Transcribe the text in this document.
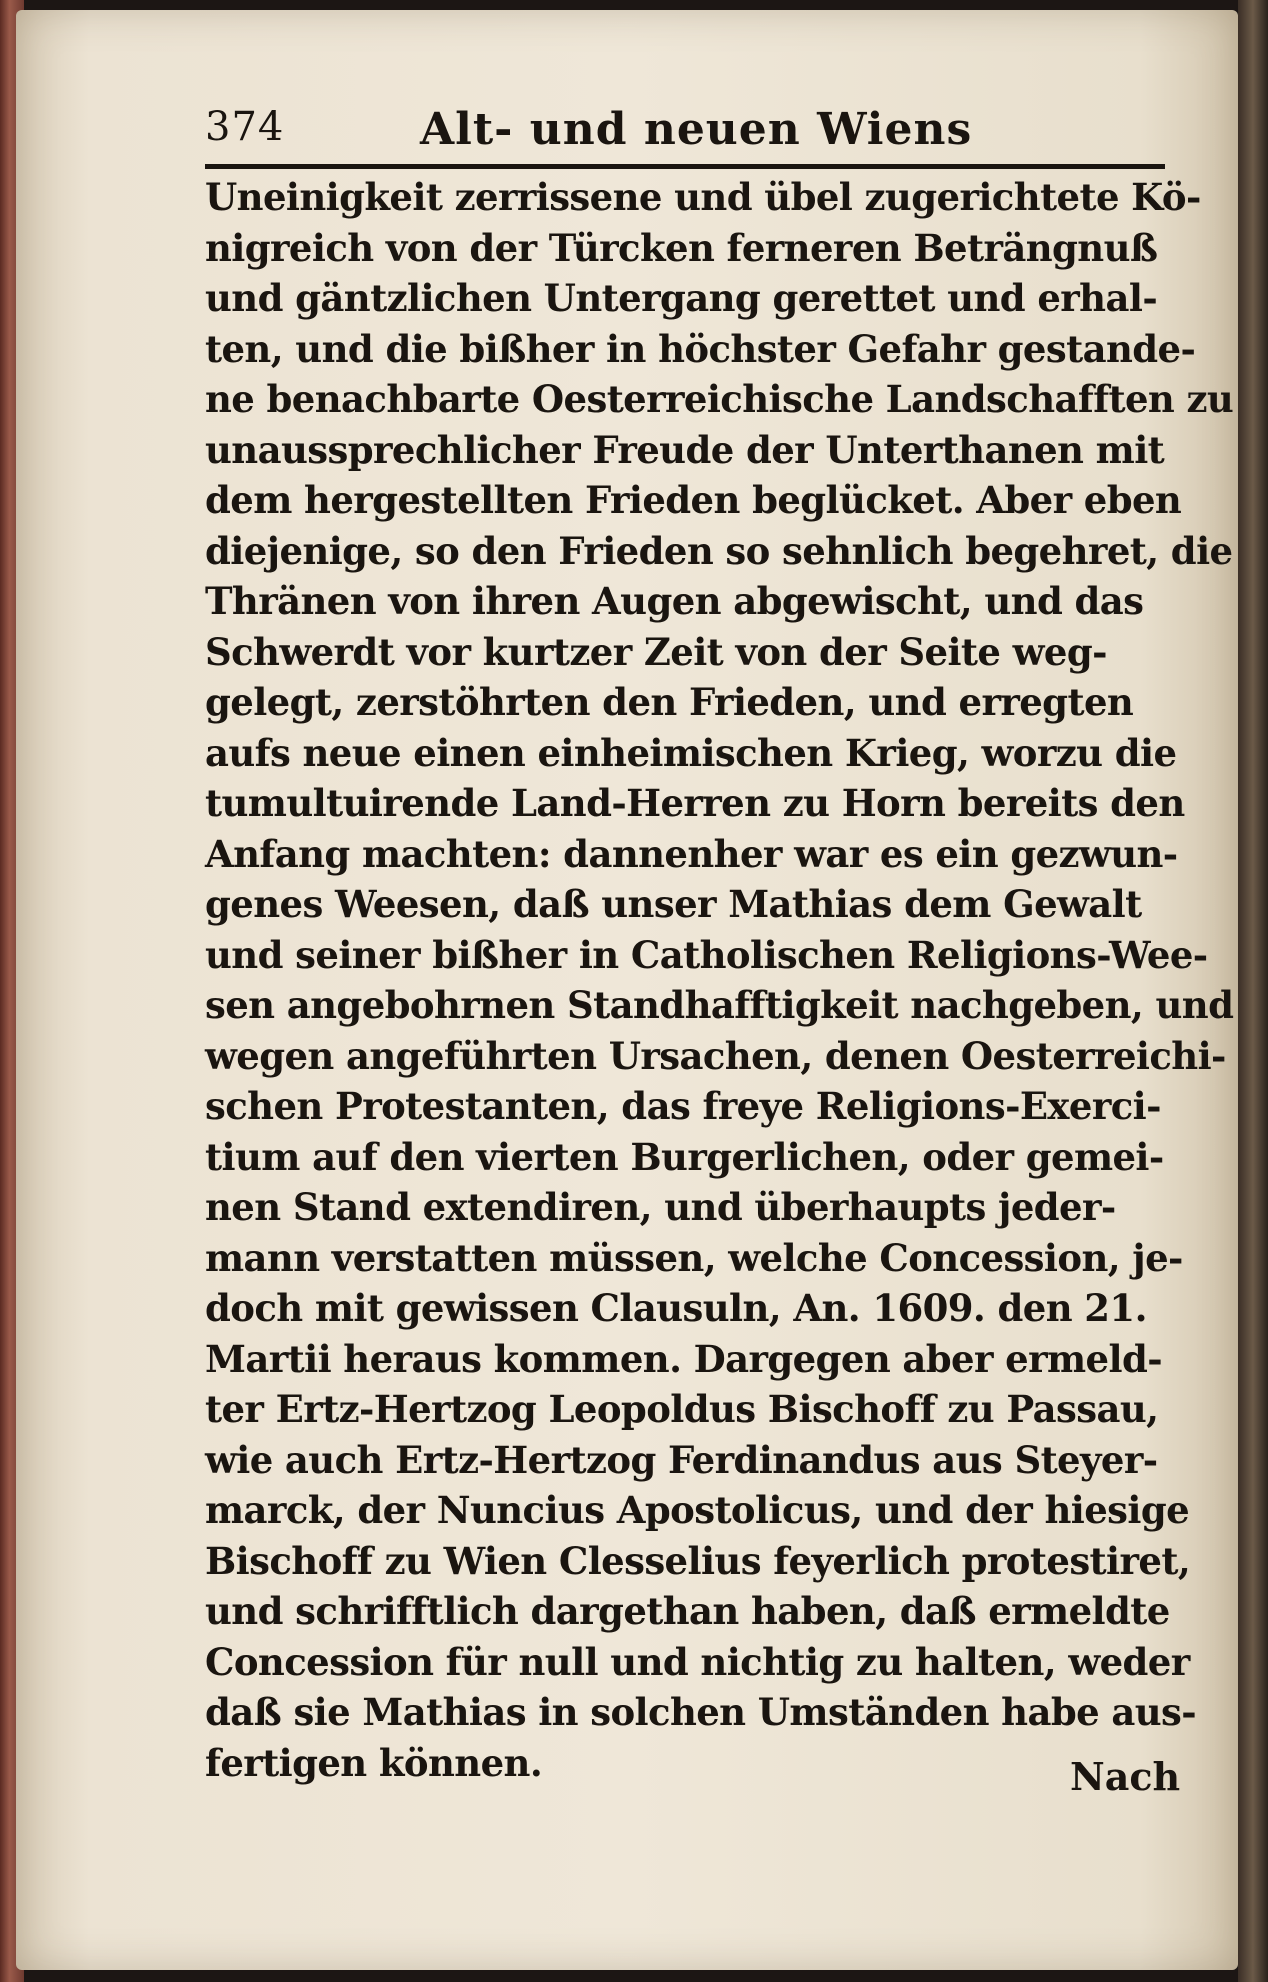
374	Alt- und neuen Wiens
Uneinigkeit zerrissene und übel zugerichtete Kö-
nigreich von der Türcken ferneren Beträngnuß
und gäntzlichen Untergang gerettet und erhal-
ten, und die bißher in höchster Gefahr gestande-
ne benachbarte Oesterreichische Landschafften zu
unaussprechlicher Freude der Unterthanen mit
dem hergestellten Frieden beglücket. Aber eben
diejenige, so den Frieden so sehnlich begehret, die
Thränen von ihren Augen abgewischt, und das
Schwerdt vor kurtzer Zeit von der Seite weg-
gelegt, zerstöhrten den Frieden, und erregten
aufs neue einen einheimischen Krieg, worzu die
tumultuirende Land-Herren zu Horn bereits den
Anfang machten: dannenher war es ein gezwun-
genes Weesen, daß unser Mathias dem Gewalt
und seiner bißher in Catholischen Religions-Wee-
sen angebohrnen Standhafftigkeit nachgeben, und
wegen angeführten Ursachen, denen Oesterreichi-
schen Protestanten, das freye Religions-Exerci-
tium auf den vierten Burgerlichen, oder gemei-
nen Stand extendiren, und überhaupts jeder-
mann verstatten müssen, welche Concession, je-
doch mit gewissen Clausuln, An. 1609. den 21.
Martii heraus kommen. Dargegen aber ermeld-
ter Ertz-Hertzog Leopoldus Bischoff zu Passau,
wie auch Ertz-Hertzog Ferdinandus aus Steyer-
marck, der Nuncius Apostolicus, und der hiesige
Bischoff zu Wien Clesselius feyerlich protestiret,
und schrifftlich dargethan haben, daß ermeldte
Concession für null und nichtig zu halten, weder
daß sie Mathias in solchen Umständen habe aus-
fertigen können.	Nach
